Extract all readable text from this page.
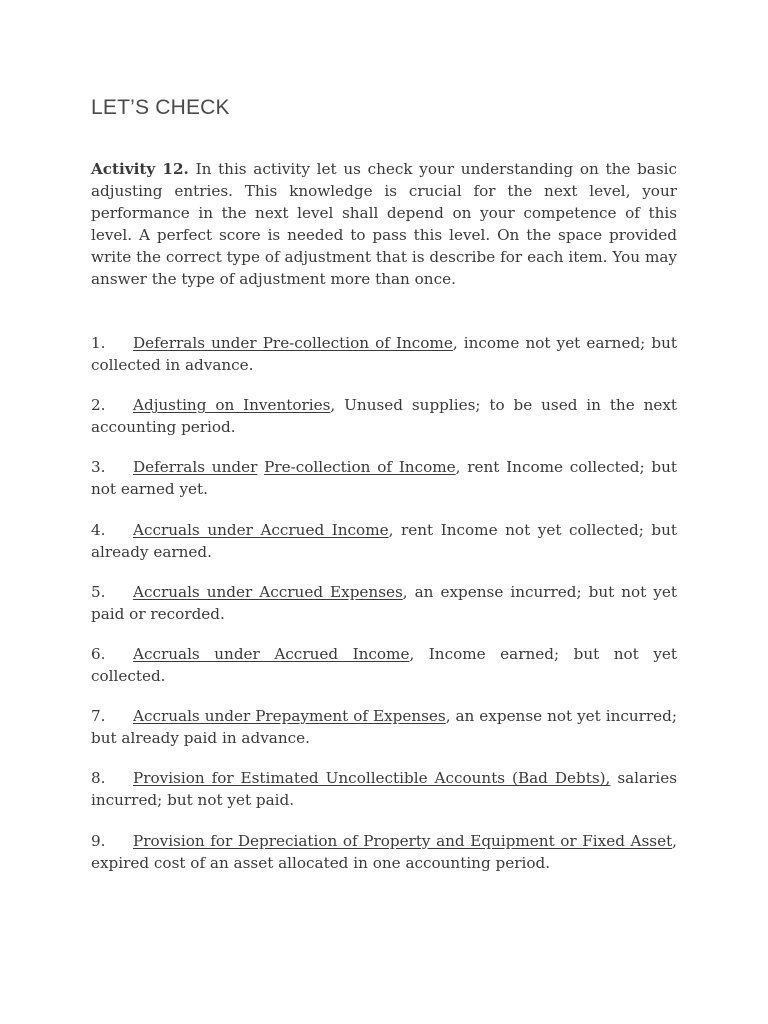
LET’S CHECK

Activity 12. In this activity let us check your understanding on the basic adjusting entries. This knowledge is crucial for the next level, your performance in the next level shall depend on your competence of this level. A perfect score is needed to pass this level. On the space provided write the correct type of adjustment that is describe for each item. You may answer the type of adjustment more than once.

1. Deferrals under Pre-collection of Income, income not yet earned; but collected in advance.

2. Adjusting on Inventories, Unused supplies; to be used in the next accounting period.

3. Deferrals under Pre-collection of Income, rent Income collected; but not earned yet.

4. Accruals under Accrued Income, rent Income not yet collected; but already earned.

5. Accruals under Accrued Expenses, an expense incurred; but not yet paid or recorded.

6. Accruals under Accrued Income, Income earned; but not yet collected.

7. Accruals under Prepayment of Expenses, an expense not yet incurred; but already paid in advance.

8. Provision for Estimated Uncollectible Accounts (Bad Debts), salaries incurred; but not yet paid.

9. Provision for Depreciation of Property and Equipment or Fixed Asset, expired cost of an asset allocated in one accounting period.
